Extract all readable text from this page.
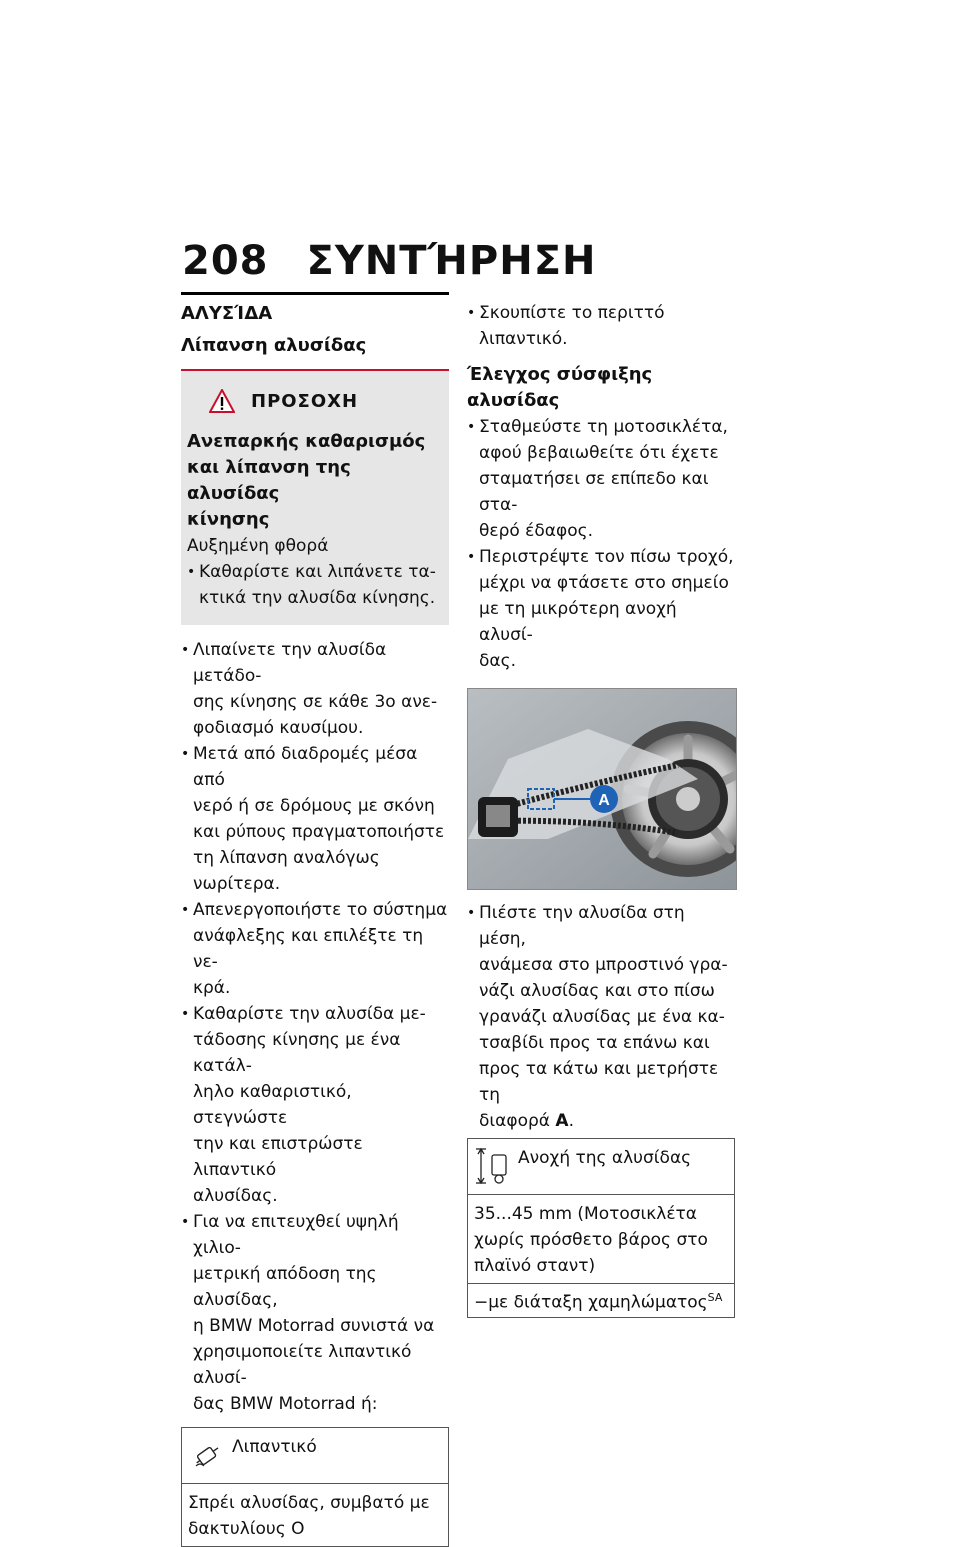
208 ΣΥΝΤΉΡΗΣΗ
ΑΛΥΣΊΔΑ
Λίπανση αλυσίδας
ΠΡΟΣΟΧΗ
Ανεπαρκής καθαρισμός
και λίπανση της αλυσίδας
κίνησης
Αυξημένη φθορά
• Καθαρίστε και λιπάνετε τα-
κτικά την αλυσίδα κίνησης.
• Λιπαίνετε την αλυσίδα μετάδο-
σης κίνησης σε κάθε 3ο ανε-
φοδιασμό καυσίμου.
• Μετά από διαδρομές μέσα από
νερό ή σε δρόμους με σκόνη
και ρύπους πραγματοποιήστε
τη λίπανση αναλόγως νωρίτερα.
• Απενεργοποιήστε το σύστημα
ανάφλεξης και επιλέξτε τη νε-
κρά.
• Καθαρίστε την αλυσίδα με-
τάδοσης κίνησης με ένα κατάλ-
ληλο καθαριστικό, στεγνώστε
την και επιστρώστε λιπαντικό
αλυσίδας.
• Για να επιτευχθεί υψηλή χιλιο-
μετρική απόδοση της αλυσίδας,
η BMW Motorrad συνιστά να
χρησιμοποιείτε λιπαντικό αλυσί-
δας BMW Motorrad ή:
Λιπαντικό
Σπρέι αλυσίδας, συμβατό με
δακτυλίους Ο
• Σκουπίστε το περιττό λιπαντικό.
Έλεγχος σύσφιξης αλυσίδας
• Σταθμεύστε τη μοτοσικλέτα,
αφού βεβαιωθείτε ότι έχετε
σταματήσει σε επίπεδο και στα-
θερό έδαφος.
• Περιστρέψτε τον πίσω τροχό,
μέχρι να φτάσετε στο σημείο
με τη μικρότερη ανοχή αλυσί-
δας.
A
• Πιέστε την αλυσίδα στη μέση,
ανάμεσα στο μπροστινό γρα-
νάζι αλυσίδας και στο πίσω
γρανάζι αλυσίδας με ένα κα-
τσαβίδι προς τα επάνω και
προς τα κάτω και μετρήστε τη
διαφορά A.
Ανοχή της αλυσίδας
35...45 mm (Μοτοσικλέτα
χωρίς πρόσθετο βάρος στο
πλαϊνό σταντ)
−με διάταξη χαμηλώματος$^{SA}$
